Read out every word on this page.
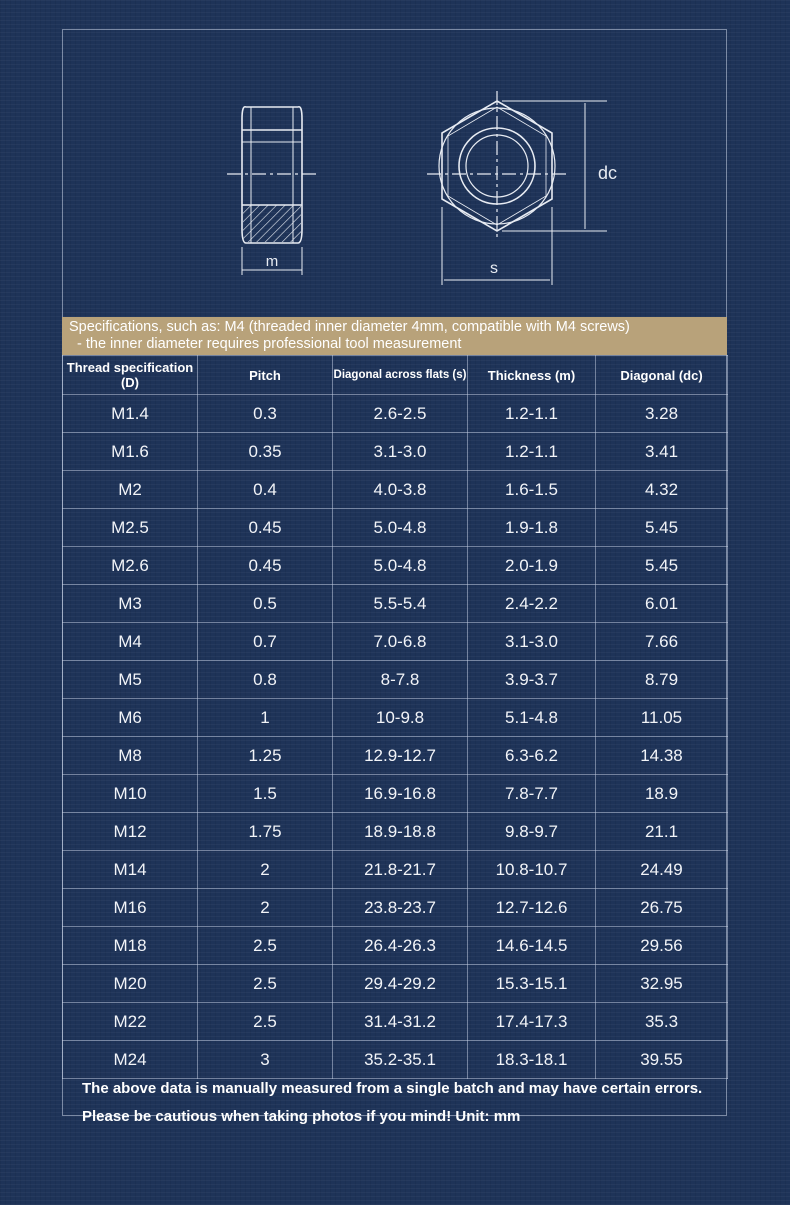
m
dc
s
Specifications, such as: M4 (threaded inner diameter 4mm, compatible with M4 screws)
- the inner diameter requires professional tool measurement
Thread specification (D)	Pitch	Diagonal across flats (s)	Thickness (m)	Diagonal (dc)
M1.4	0.3	2.6-2.5	1.2-1.1	3.28
M1.6	0.35	3.1-3.0	1.2-1.1	3.41
M2	0.4	4.0-3.8	1.6-1.5	4.32
M2.5	0.45	5.0-4.8	1.9-1.8	5.45
M2.6	0.45	5.0-4.8	2.0-1.9	5.45
M3	0.5	5.5-5.4	2.4-2.2	6.01
M4	0.7	7.0-6.8	3.1-3.0	7.66
M5	0.8	8-7.8	3.9-3.7	8.79
M6	1	10-9.8	5.1-4.8	11.05
M8	1.25	12.9-12.7	6.3-6.2	14.38
M10	1.5	16.9-16.8	7.8-7.7	18.9
M12	1.75	18.9-18.8	9.8-9.7	21.1
M14	2	21.8-21.7	10.8-10.7	24.49
M16	2	23.8-23.7	12.7-12.6	26.75
M18	2.5	26.4-26.3	14.6-14.5	29.56
M20	2.5	29.4-29.2	15.3-15.1	32.95
M22	2.5	31.4-31.2	17.4-17.3	35.3
M24	3	35.2-35.1	18.3-18.1	39.55
The above data is manually measured from a single batch and may have certain errors.
Please be cautious when taking photos if you mind! Unit: mm
